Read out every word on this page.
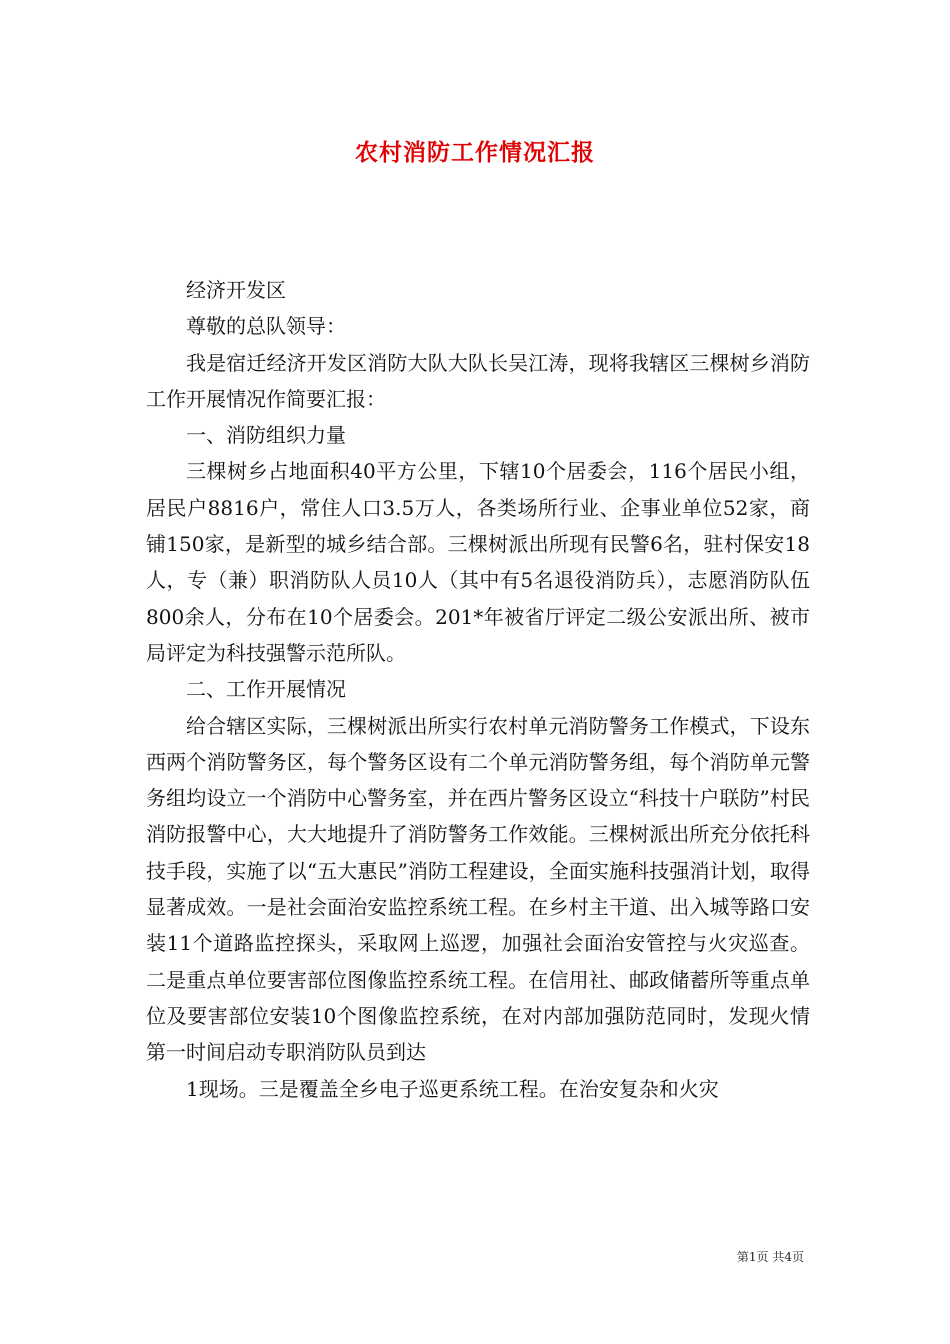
农村消防工作情况汇报

经济开发区

尊敬的总队领导：

我是宿迁经济开发区消防大队大队长吴江涛，现将我辖区三棵树乡消防工作开展情况作简要汇报：

一、消防组织力量

三棵树乡占地面积40平方公里，下辖10个居委会，116个居民小组，居民户8816户，常住人口3.5万人，各类场所行业、企事业单位52家，商铺150家，是新型的城乡结合部。三棵树派出所现有民警6名，驻村保安18人，专（兼）职消防队人员10人（其中有5名退役消防兵），志愿消防队伍800余人，分布在10个居委会。201*年被省厅评定二级公安派出所、被市局评定为科技强警示范所队。

二、工作开展情况

给合辖区实际，三棵树派出所实行农村单元消防警务工作模式，下设东西两个消防警务区，每个警务区设有二个单元消防警务组，每个消防单元警务组均设立一个消防中心警务室，并在西片警务区设立“科技十户联防”村民消防报警中心，大大地提升了消防警务工作效能。三棵树派出所充分依托科技手段，实施了以“五大惠民”消防工程建设，全面实施科技强消计划，取得显著成效。一是社会面治安监控系统工程。在乡村主干道、出入城等路口安装11个道路监控探头，采取网上巡逻，加强社会面治安管控与火灾巡查。二是重点单位要害部位图像监控系统工程。在信用社、邮政储蓄所等重点单位及要害部位安装10个图像监控系统，在对内部加强防范同时，发现火情第一时间启动专职消防队员到达

1现场。三是覆盖全乡电子巡更系统工程。在治安复杂和火灾

第1页 共4页
